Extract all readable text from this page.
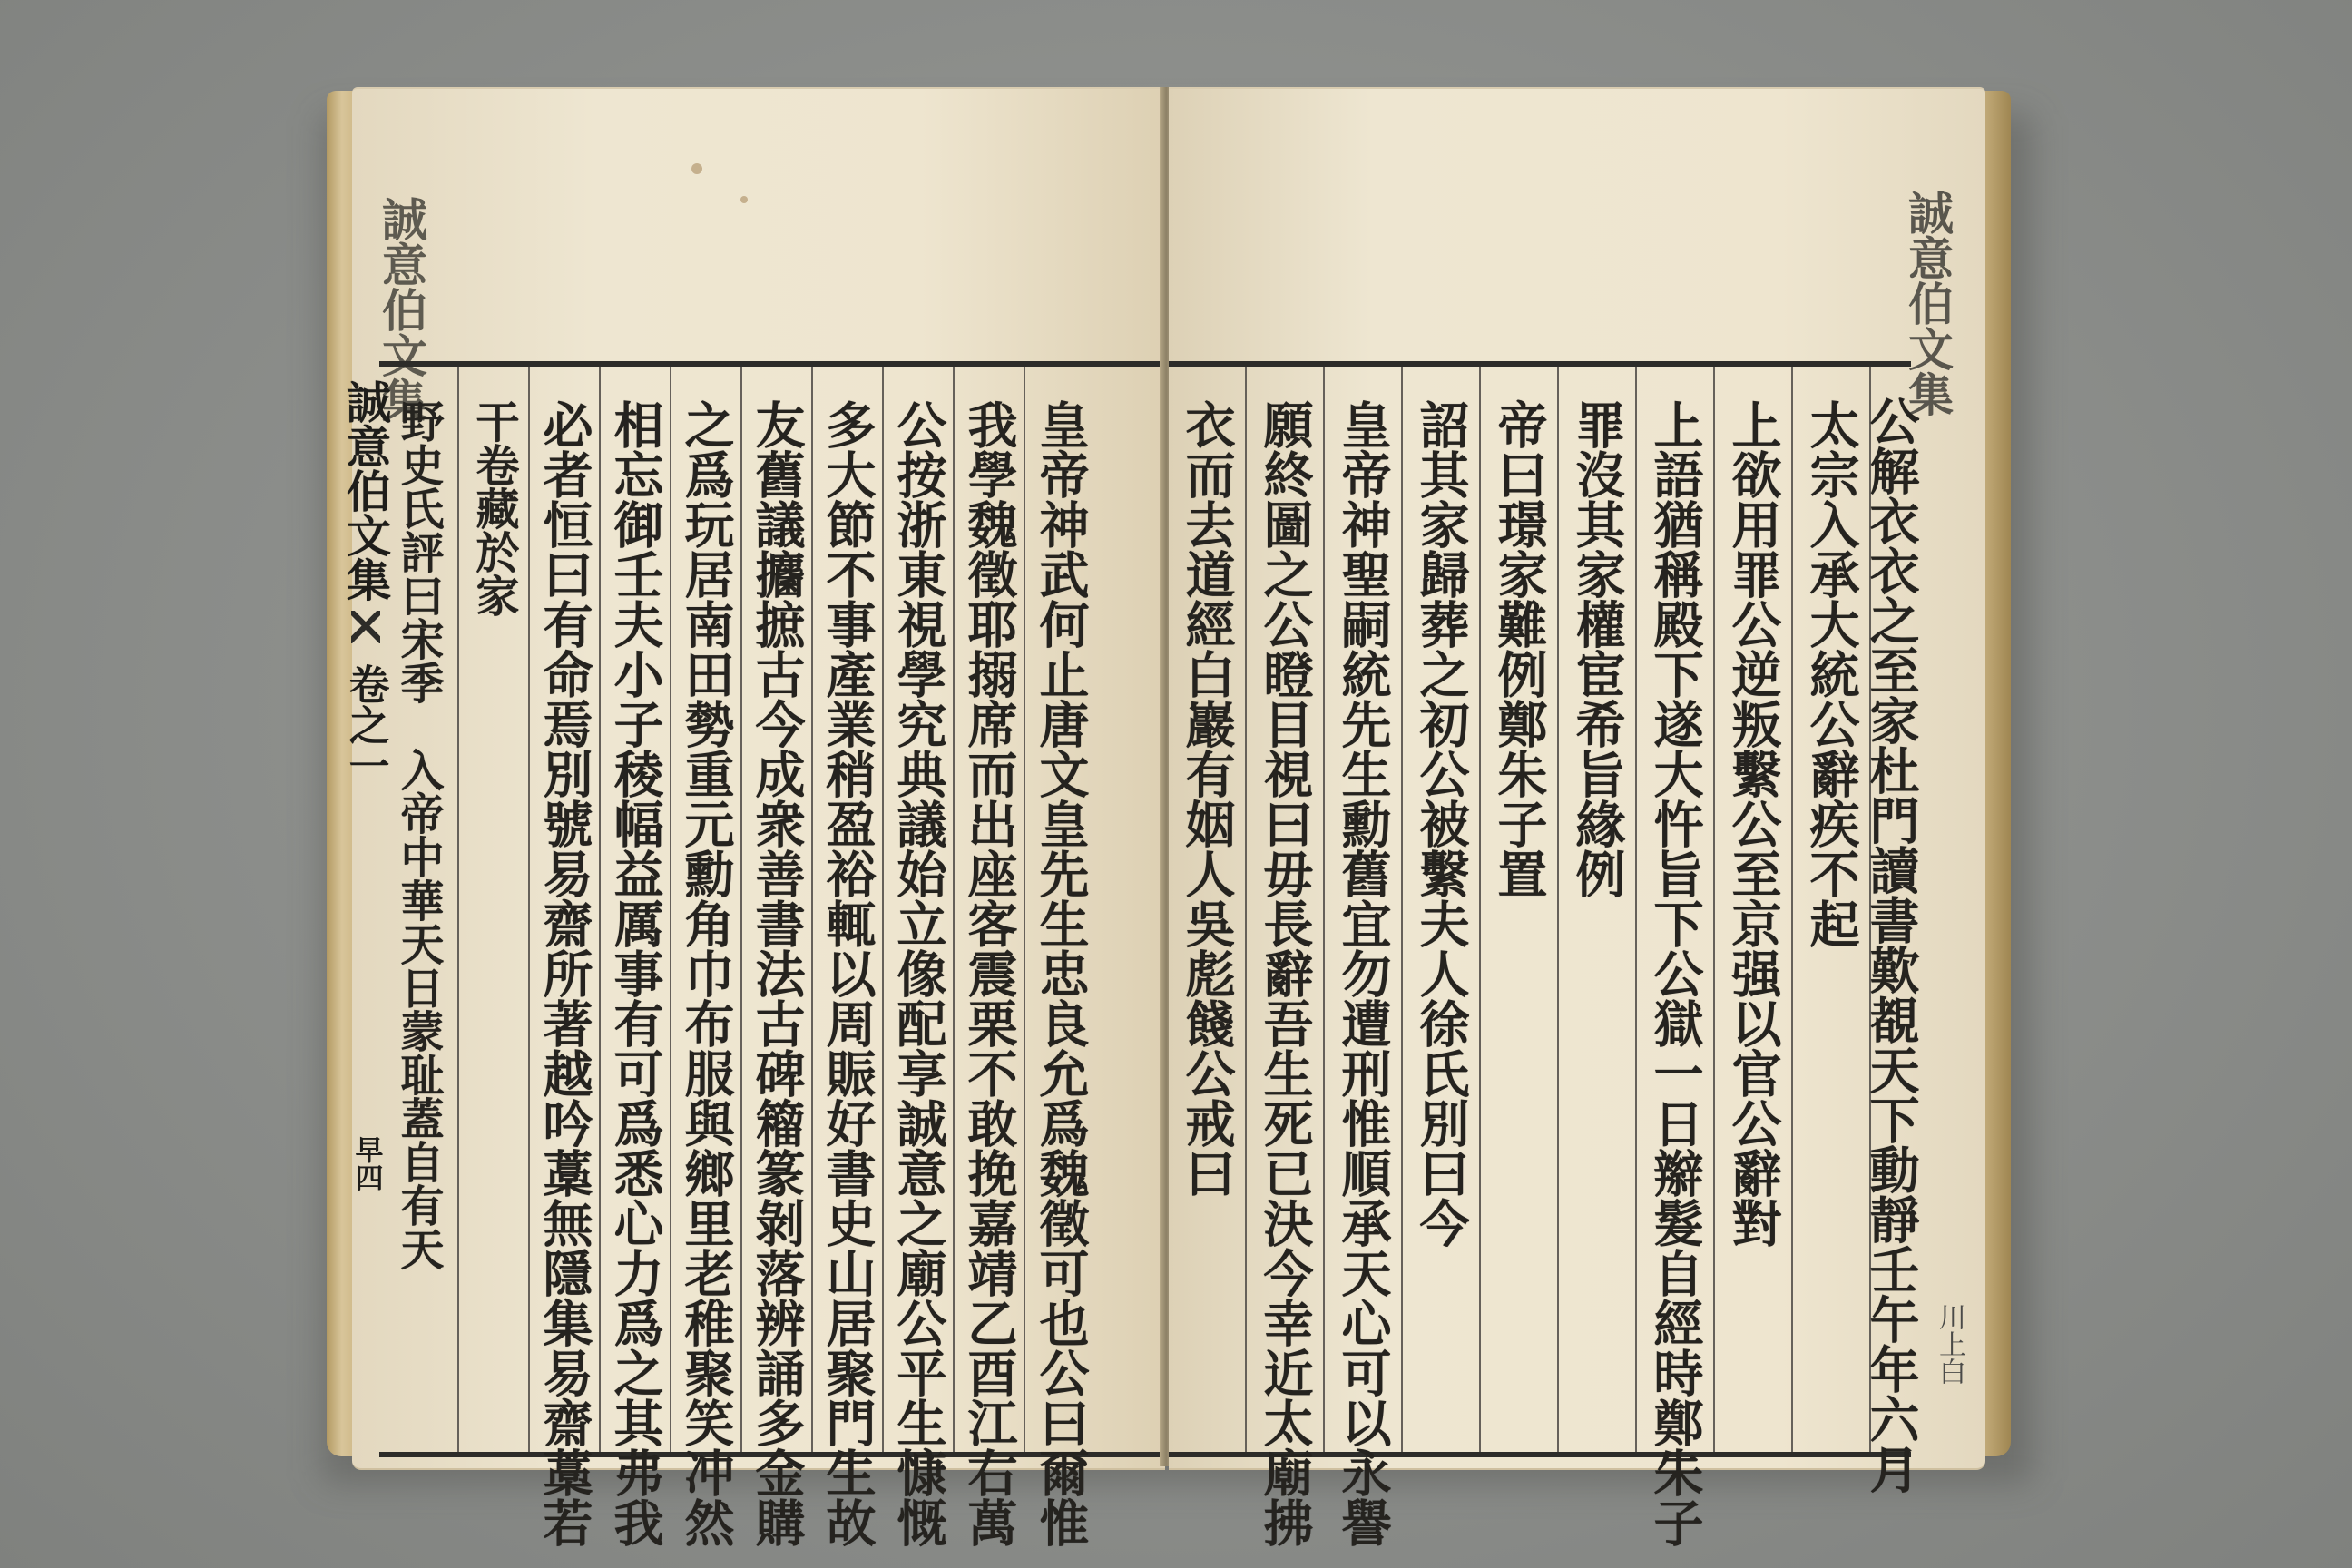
誠意伯文集
野史氏評曰宋季　入帝中華天日蒙耻蓋自有天 干卷藏於家 必者恒曰有命焉別號易齋所著越吟藁無隱集易齋藁若 相忘御壬夫小子稜幅益厲事有可爲悉心力爲之其弗我 之爲玩居南田勢重元勳角巾布服與鄉里老稚聚笑冲然 友舊議攟摭古今成衆善書法古碑籕篆剝落辨誦多金購 多大節不事產業稍盈裕輒以周賑好書史山居聚門生故 公按浙東視學究典議始立像配享誠意之廟公平生慷慨 我學魏徵耶搦席而出座客震栗不敢挽嘉靖乙酉江右萬 皇帝神武何止唐文皇先生忠良允爲魏徵可也公曰爾惟
誠意伯文集
卷之一
早四
誠意伯文集
川上白
衣而去道經白巖有姻人吳彪餞公戒曰 願終圖之公瞪目視曰毋長辭吾生死已決今幸近太廟拂 皇帝神聖嗣統先生勳舊宜勿遭刑惟順承天心可以永譽 詔其家歸葬之初公被繫夫人徐氏別曰今 帝曰璟家難例鄭朱子置 罪沒其家權宦希旨緣例 上語猶稱殿下遂大忤旨下公獄一日辮髮自經時鄭朱子 上欲用罪公逆叛繫公至京强以官公辭對 太宗入承大統公辭疾不起 公解衣衣之至家杜門讀書歎覩天下動靜壬午年六月
